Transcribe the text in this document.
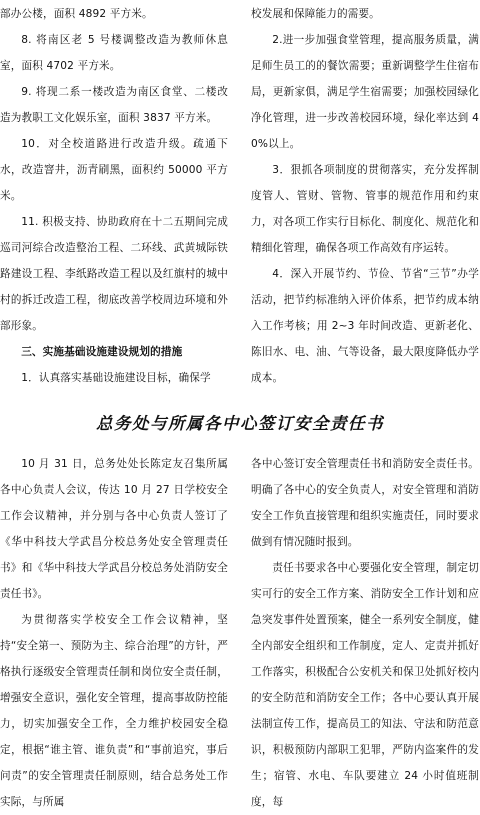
部办公楼，面积 4892 平方米。

8. 将南区老 5 号楼调整改造为教师休息室，面积 4702 平方米。

9. 将现二系一楼改造为南区食堂、二楼改造为教职工文化娱乐室，面积 3837 平方米。

10．对全校道路进行改造升级。疏通下水，改造窨井，沥青刷黑，面积约 50000 平方米。

11. 积极支持、协助政府在十二五期间完成巡司河综合改造整治工程、二环线、武黄城际铁路建设工程、李纸路改造工程以及红旗村的城中村的拆迁改造工程，彻底改善学校周边环境和外部形象。

三、实施基础设施建设规划的措施

1．认真落实基础设施建设目标，确保学

校发展和保障能力的需要。

2.进一步加强食堂管理，提高服务质量，满足师生员工的的餐饮需要；重新调整学生住宿布局，更新家俱，满足学生宿需要；加强校园绿化净化管理，进一步改善校园环境，绿化率达到 40%以上。

3．狠抓各项制度的贯彻落实，充分发挥制度管人、管财、管物、管事的规范作用和约束力，对各项工作实行目标化、制度化、规范化和精细化管理，确保各项工作高效有序运转。

4．深入开展节约、节俭、节省“三节”办学活动，把节约标准纳入评价体系，把节约成本纳入工作考核；用 2~3 年时间改造、更新老化、陈旧水、电、油、气等设备，最大限度降低办学成本。

总务处与所属各中心签订安全责任书

10 月 31 日，总务处处长陈定友召集所属各中心负责人会议，传达 10 月 27 日学校安全工作会议精神，并分别与各中心负责人签订了《华中科技大学武昌分校总务处安全管理责任书》和《华中科技大学武昌分校总务处消防安全责任书》。

为贯彻落实学校安全工作会议精神，坚持“安全第一、预防为主、综合治理”的方针，严格执行逐级安全管理责任制和岗位安全责任制，增强安全意识，强化安全管理，提高事故防控能力，切实加强安全工作，全力维护校园安全稳定，根据“谁主管、谁负责”和“事前追究，事后问责”的安全管理责任制原则，结合总务处工作实际，与所属

各中心签订安全管理责任书和消防安全责任书。明确了各中心的安全负责人，对安全管理和消防安全工作负直接管理和组织实施责任，同时要求做到有情况随时报到。

责任书要求各中心要强化安全管理，制定切实可行的安全工作方案、消防安全工作计划和应急突发事件处置预案，健全一系列安全制度，健全内部安全组织和工作制度，定人、定责并抓好工作落实，积极配合公安机关和保卫处抓好校内的安全防范和消防安全工作；各中心要认真开展法制宣传工作，提高员工的知法、守法和防范意识，积极预防内部职工犯罪，严防内盗案件的发生；宿管、水电、车队要建立 24 小时值班制度，每
